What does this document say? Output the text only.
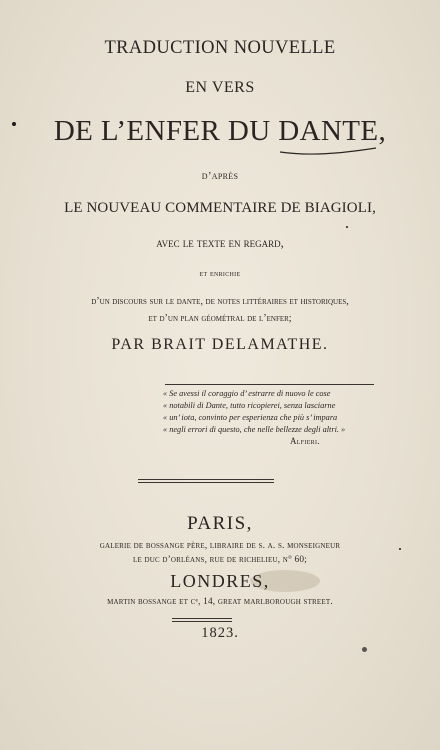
TRADUCTION NOUVELLE
EN VERS
DE L’ENFER DU DANTE,
d’après
LE NOUVEAU COMMENTAIRE DE BIAGIOLI,
avec le texte en regard,
et enrichie
d’un discours sur le dante, de notes littéraires et historiques,
et d’un plan géométral de l’enfer;
PAR BRAIT DELAMATHE.
« Se avessi il coraggio d’ estrarre di nuovo le cose
« notabili di Dante, tutto ricopierei, senza lasciarne
« un’ iota, convinto per esperienza che più s’ impara
« negli errori di questo, che nelle bellezze degli altri. »
Alfieri.
PARIS,
galerie de bossange père, libraire de s. a. s. monseigneur
le duc d’orléans, rue de richelieu, n° 60;
LONDRES,
martin bossange et cᵉ, 14, great marlborough street.
1823.
